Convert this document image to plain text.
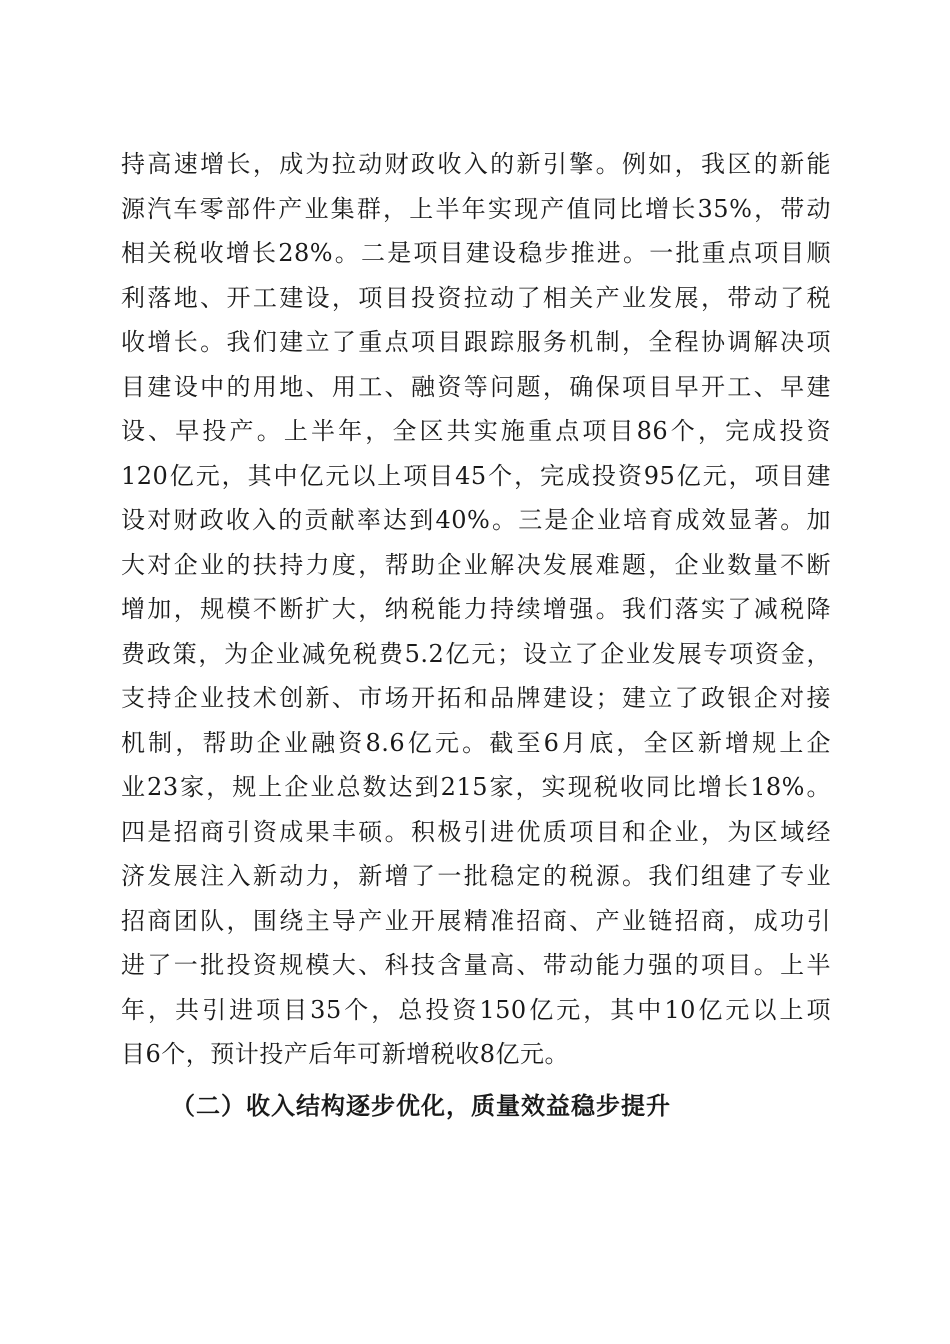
持高速增长，成为拉动财政收入的新引擎。例如，我区的新能
源汽车零部件产业集群，上半年实现产值同比增长35%，带动
相关税收增长28%。二是项目建设稳步推进。一批重点项目顺
利落地、开工建设，项目投资拉动了相关产业发展，带动了税
收增长。我们建立了重点项目跟踪服务机制，全程协调解决项
目建设中的用地、用工、融资等问题，确保项目早开工、早建
设、早投产。上半年，全区共实施重点项目86个，完成投资
120亿元，其中亿元以上项目45个，完成投资95亿元，项目建
设对财政收入的贡献率达到40%。三是企业培育成效显著。加
大对企业的扶持力度，帮助企业解决发展难题，企业数量不断
增加，规模不断扩大，纳税能力持续增强。我们落实了减税降
费政策，为企业减免税费5.2亿元；设立了企业发展专项资金，
支持企业技术创新、市场开拓和品牌建设；建立了政银企对接
机制，帮助企业融资8.6亿元。截至6月底，全区新增规上企
业23家，规上企业总数达到215家，实现税收同比增长18%。
四是招商引资成果丰硕。积极引进优质项目和企业，为区域经
济发展注入新动力，新增了一批稳定的税源。我们组建了专业
招商团队，围绕主导产业开展精准招商、产业链招商，成功引
进了一批投资规模大、科技含量高、带动能力强的项目。上半
年，共引进项目35个，总投资150亿元，其中10亿元以上项
目6个，预计投产后年可新增税收8亿元。
（二）收入结构逐步优化，质量效益稳步提升
